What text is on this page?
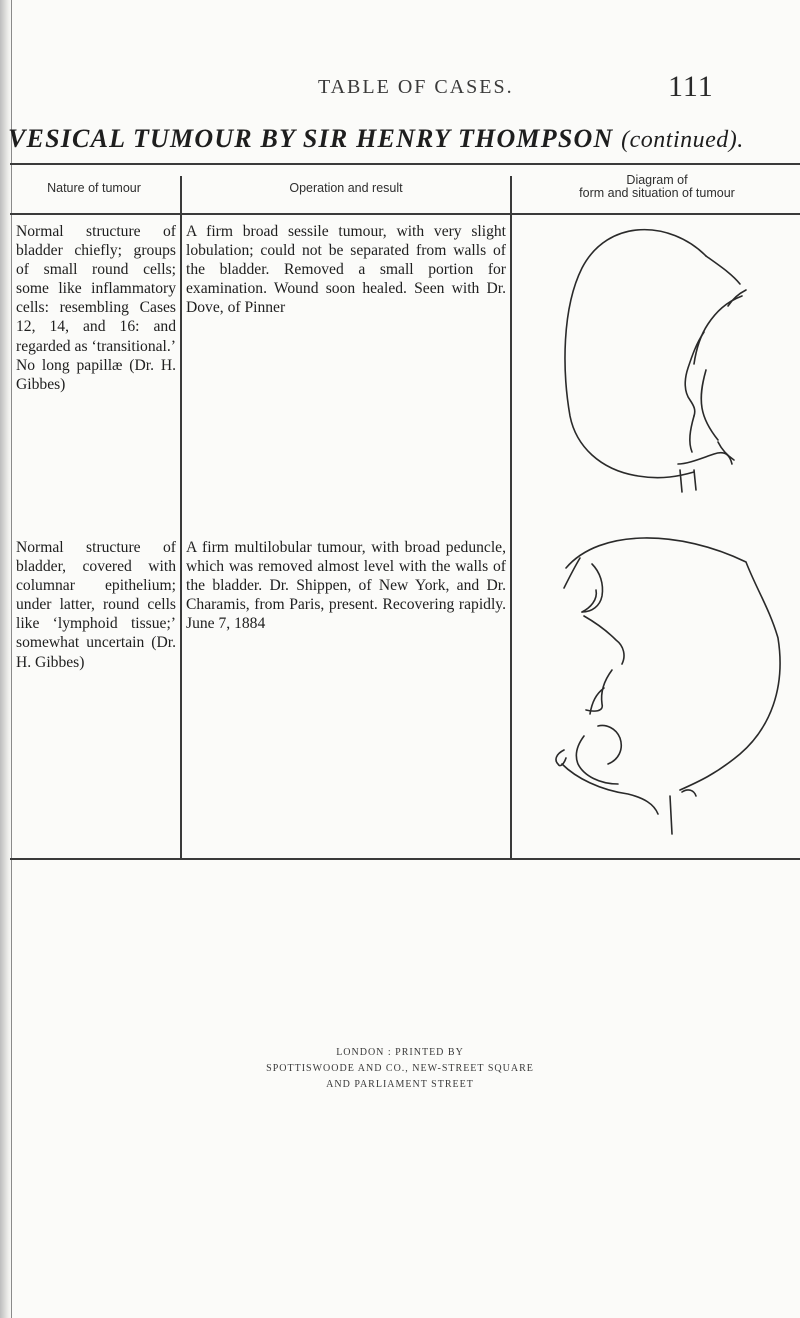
TABLE OF CASES.	111
VESICAL TUMOUR BY SIR HENRY THOMPSON (continued).
Nature of tumour	Operation and result
Diagram of
form and situation of tumour
Normal structure of bladder chiefly; groups of small round cells; some like inflammatory cells: resembling Cases 12, 14, and 16: and regarded as ‘transitional.’ No long papillæ (Dr. H. Gibbes)
A firm broad sessile tumour, with very slight lobulation; could not be separated from walls of the bladder. Removed a small portion for examination. Wound soon healed. Seen with Dr. Dove, of Pinner
Normal structure of bladder, covered with columnar epithelium; under latter, round cells like ‘lymphoid tissue;’ somewhat uncertain (Dr. H. Gibbes)
A firm multilobular tumour, with broad peduncle, which was removed almost level with the walls of the bladder. Dr. Shippen, of New York, and Dr. Charamis, from Paris, present. Recovering rapidly. June 7, 1884
LONDON : PRINTED BY
SPOTTISWOODE AND CO., NEW-STREET SQUARE
AND PARLIAMENT STREET
